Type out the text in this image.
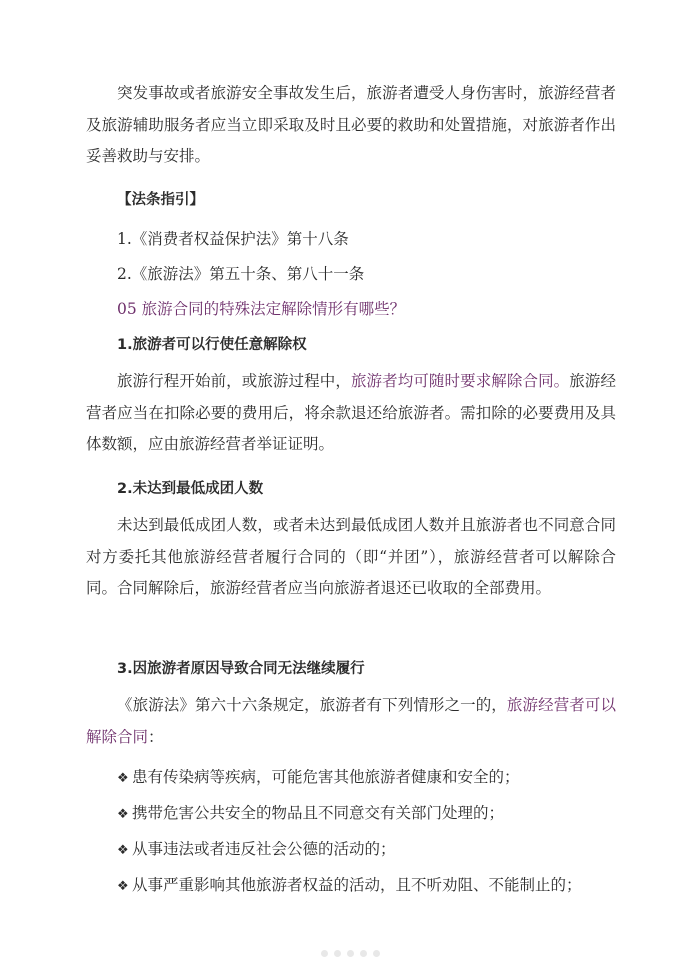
突发事故或者旅游安全事故发生后，旅游者遭受人身伤害时，旅游经营者及旅游辅助服务者应当立即采取及时且必要的救助和处置措施，对旅游者作出妥善救助与安排。

【法条指引】
1.《消费者权益保护法》第十八条
2.《旅游法》第五十条、第八十一条
05 旅游合同的特殊法定解除情形有哪些？
1.旅游者可以行使任意解除权

旅游行程开始前，或旅游过程中，旅游者均可随时要求解除合同。旅游经营者应当在扣除必要的费用后，将余款退还给旅游者。需扣除的必要费用及具体数额，应由旅游经营者举证证明。

2.未达到最低成团人数

未达到最低成团人数，或者未达到最低成团人数并且旅游者也不同意合同对方委托其他旅游经营者履行合同的（即“并团”），旅游经营者可以解除合同。合同解除后，旅游经营者应当向旅游者退还已收取的全部费用。

3.因旅游者原因导致合同无法继续履行

《旅游法》第六十六条规定，旅游者有下列情形之一的，旅游经营者可以解除合同：

❖ 患有传染病等疾病，可能危害其他旅游者健康和安全的；
❖ 携带危害公共安全的物品且不同意交有关部门处理的；
❖ 从事违法或者违反社会公德的活动的；
❖ 从事严重影响其他旅游者权益的活动，且不听劝阻、不能制止的；
